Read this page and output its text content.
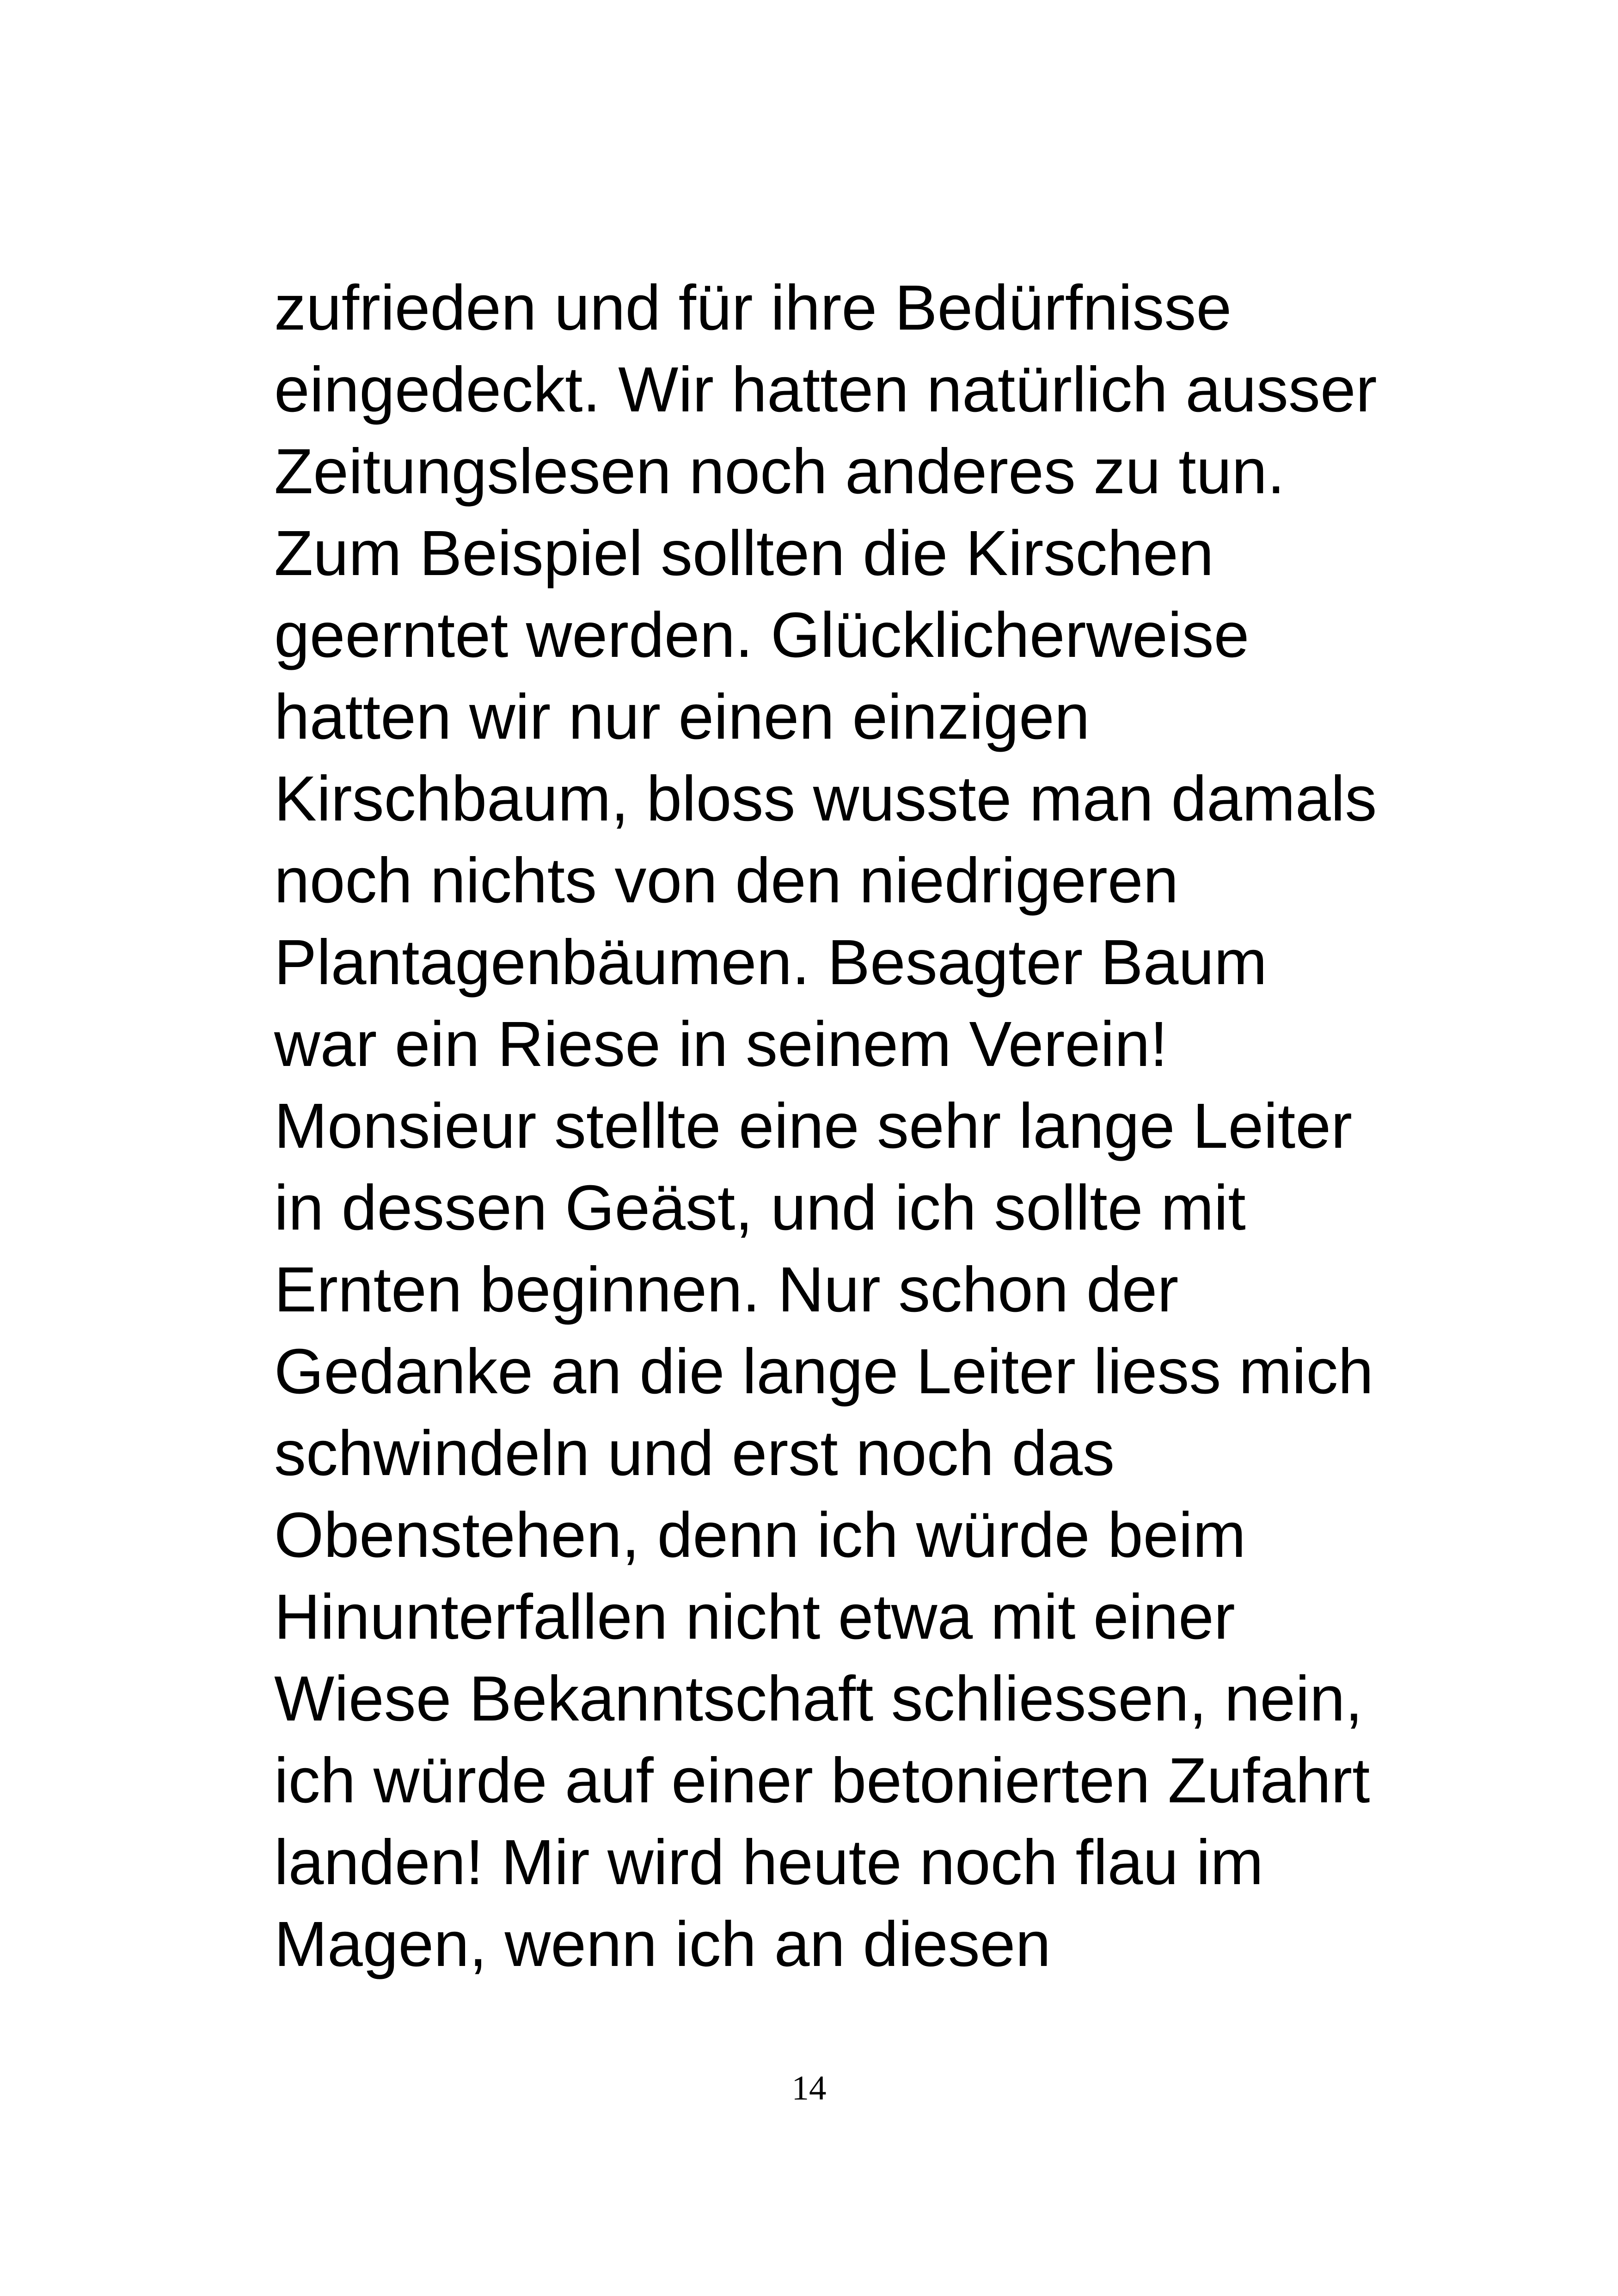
zufrieden und für ihre Bedürfnisse
eingedeckt. Wir hatten natürlich ausser
Zeitungslesen noch anderes zu tun.
Zum Beispiel sollten die Kirschen
geerntet werden. Glücklicherweise
hatten wir nur einen einzigen
Kirschbaum, bloss wusste man damals
noch nichts von den niedrigeren
Plantagenbäumen. Besagter Baum
war ein Riese in seinem Verein!
Monsieur stellte eine sehr lange Leiter
in dessen Geäst, und ich sollte mit
Ernten beginnen. Nur schon der
Gedanke an die lange Leiter liess mich
schwindeln und erst noch das
Obenstehen, denn ich würde beim
Hinunterfallen nicht etwa mit einer
Wiese Bekanntschaft schliessen, nein,
ich würde auf einer betonierten Zufahrt
landen! Mir wird heute noch flau im
Magen, wenn ich an diesen
14
